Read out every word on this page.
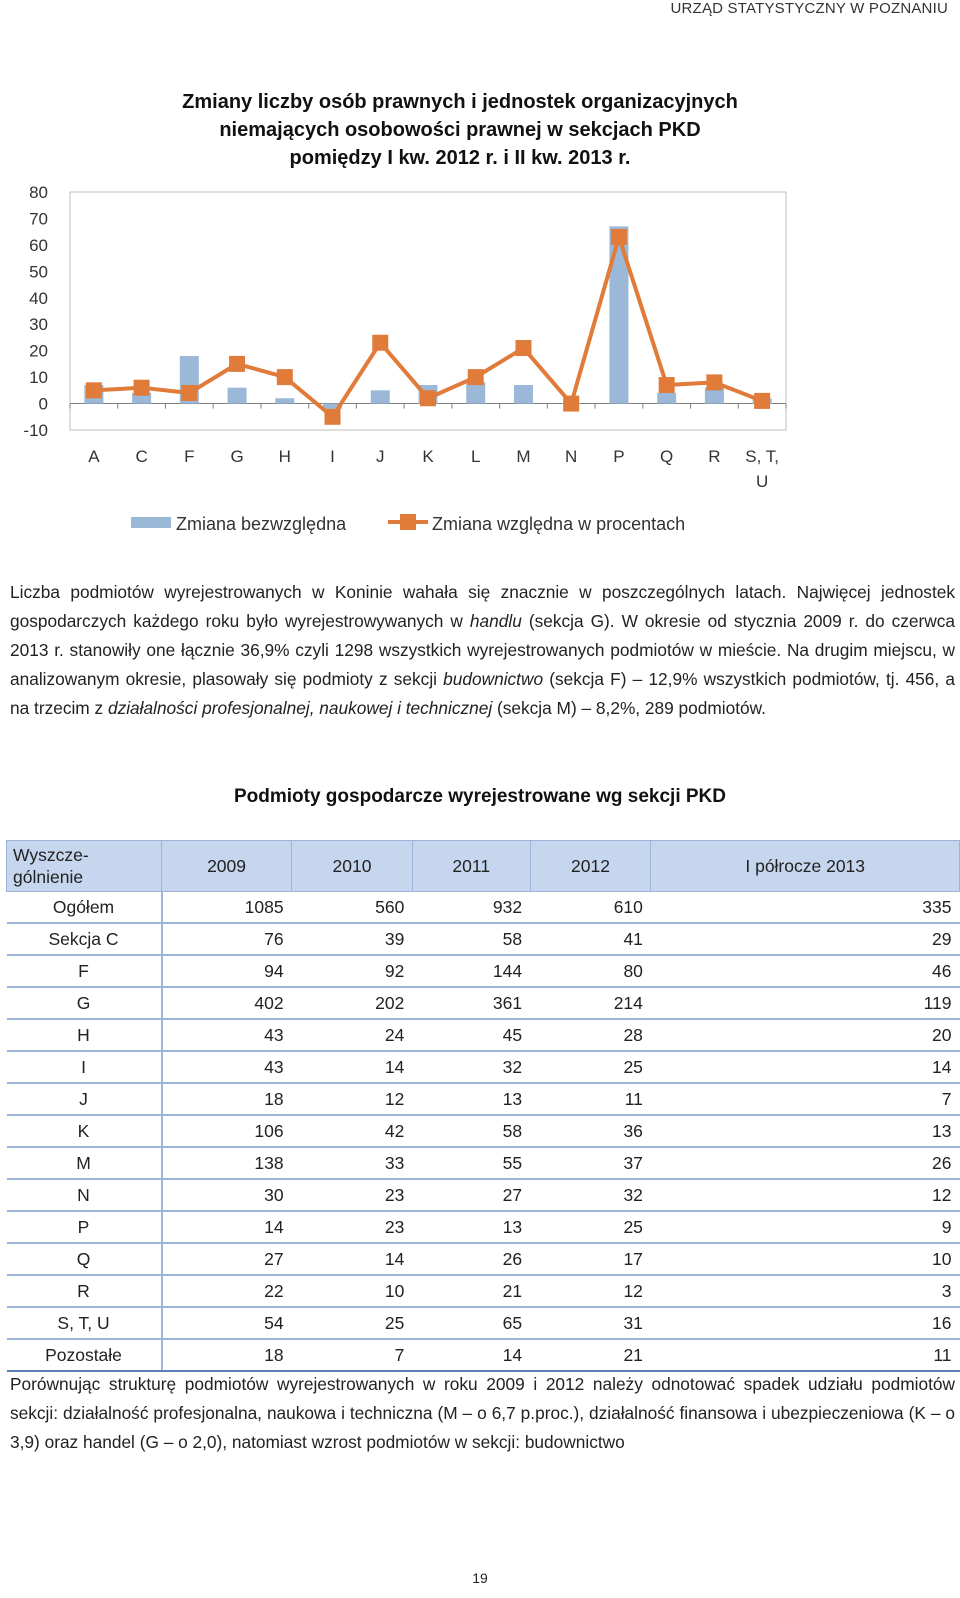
URZĄD STATYSTYCZNY W POZNANIU
Zmiany liczby osób prawnych i jednostek organizacyjnych
niemających osobowości prawnej w sekcjach PKD
pomiędzy I kw. 2012 r. i II kw. 2013 r.
80
70
60
50
40
30
20
10
0
-10
A C F G H I J K L M N P Q R S, T, U
Zmiana bezwzględna	Zmiana względna w procentach
Liczba podmiotów wyrejestrowanych w Koninie wahała się znacznie w poszczególnych latach. Najwięcej jednostek gospodarczych każdego roku było wyrejestrowywanych w handlu (sekcja G). W okresie od stycznia 2009 r. do czerwca 2013 r. stanowiły one łącznie 36,9% czyli 1298 wszystkich wyrejestrowanych podmiotów w mieście. Na drugim miejscu, w analizowanym okresie, plasowały się podmioty z sekcji budownictwo (sekcja F) – 12,9% wszystkich podmiotów, tj. 456, a na trzecim z działalności profesjonalnej, naukowej i technicznej (sekcja M) – 8,2%, 289 podmiotów.
Podmioty gospodarcze wyrejestrowane wg sekcji PKD
Wyszcze-
gólnienie	2009	2010	2011	2012	I półrocze 2013
Ogółem	1085	560	932	610	335
Sekcja C	76	39	58	41	29
F	94	92	144	80	46
G	402	202	361	214	119
H	43	24	45	28	20
I	43	14	32	25	14
J	18	12	13	11	7
K	106	42	58	36	13
M	138	33	55	37	26
N	30	23	27	32	12
P	14	23	13	25	9
Q	27	14	26	17	10
R	22	10	21	12	3
S, T, U	54	25	65	31	16
Pozostałe	18	7	14	21	11
Porównując strukturę podmiotów wyrejestrowanych w roku 2009 i 2012 należy odnotować spadek udziału podmiotów sekcji: działalność profesjonalna, naukowa i techniczna (M – o 6,7 p.proc.), działalność finansowa i ubezpieczeniowa (K – o 3,9) oraz handel (G – o 2,0), natomiast wzrost podmiotów w sekcji: budownictwo
19
